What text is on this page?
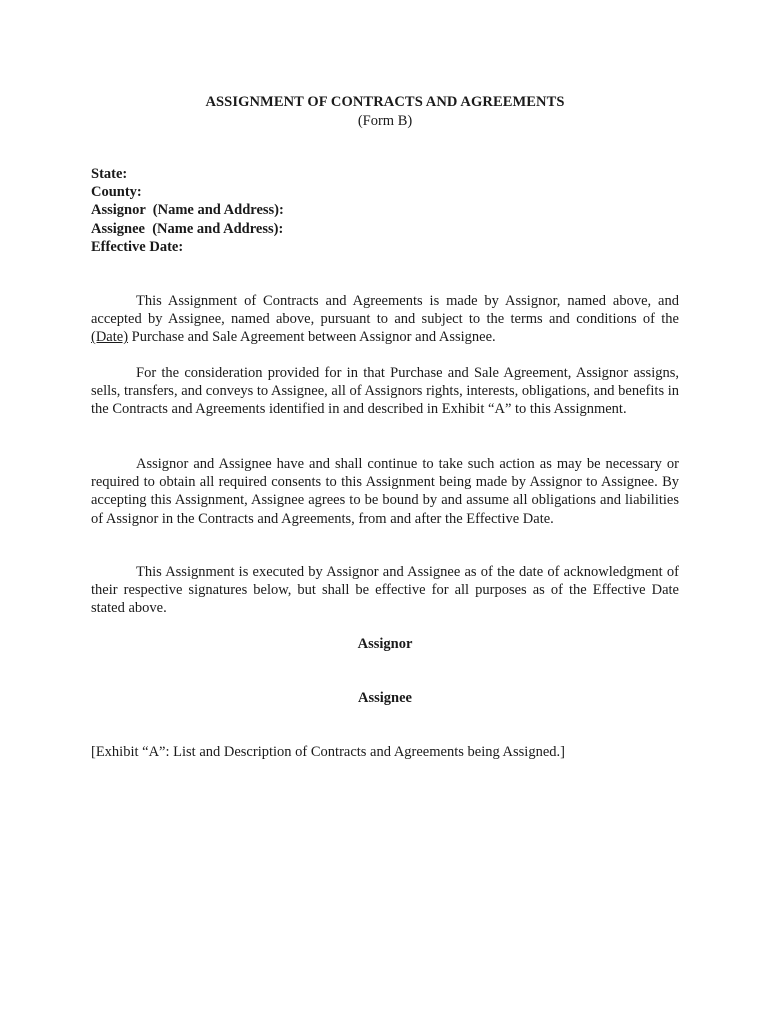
ASSIGNMENT OF CONTRACTS AND AGREEMENTS
(Form B)
State:
County:
Assignor  (Name and Address):
Assignee  (Name and Address):
Effective Date:

This Assignment of Contracts and Agreements is made by Assignor, named above, and accepted by Assignee, named above, pursuant to and subject to the terms and conditions of the (Date) Purchase and Sale Agreement between Assignor and Assignee.

For the consideration provided for in that Purchase and Sale Agreement, Assignor assigns, sells, transfers, and conveys to Assignee, all of Assignors rights, interests, obligations, and benefits in the Contracts and Agreements identified in and described in Exhibit “A” to this Assignment.

Assignor and Assignee have and shall continue to take such action as may be necessary or required to obtain all required consents to this Assignment being made by Assignor to Assignee. By accepting this Assignment, Assignee agrees to be bound by and assume all obligations and liabilities of Assignor in the Contracts and Agreements, from and after the Effective Date.

This Assignment is executed by Assignor and Assignee as of the date of acknowledgment of their respective signatures below, but shall be effective for all purposes as of the Effective Date stated above.

Assignor
Assignee
[Exhibit “A”: List and Description of Contracts and Agreements being Assigned.]
